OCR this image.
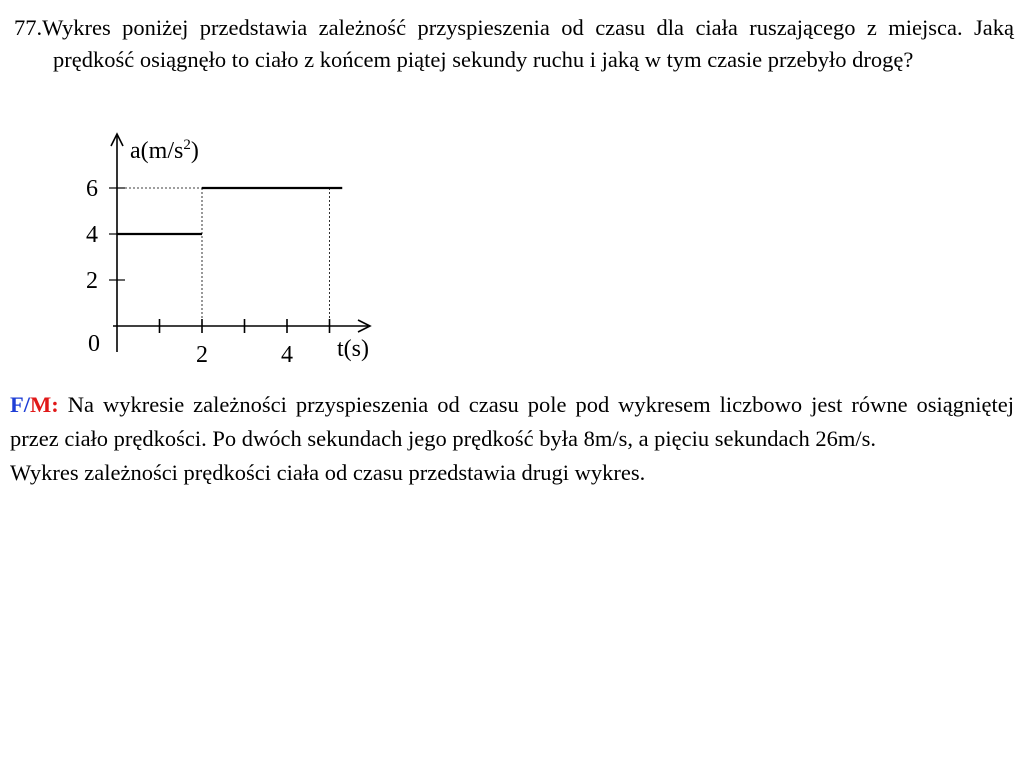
77.Wykres poniżej przedstawia zależność przyspieszenia od czasu dla ciała ruszającego z miejsca. Jaką prędkość osiągnęło to ciało z końcem piątej sekundy ruchu i jaką w tym czasie przebyło drogę?
2
4
6
2	4
$a(m/s^2)$
t(s)
0

F/M: Na wykresie zależności przyspieszenia od czasu pole pod wykresem liczbowo jest równe osiągniętej przez ciało prędkości. Po dwóch sekundach jego prędkość była 8m/s, a pięciu sekundach 26m/s.

Wykres zależności prędkości ciała od czasu przedstawia drugi wykres.
